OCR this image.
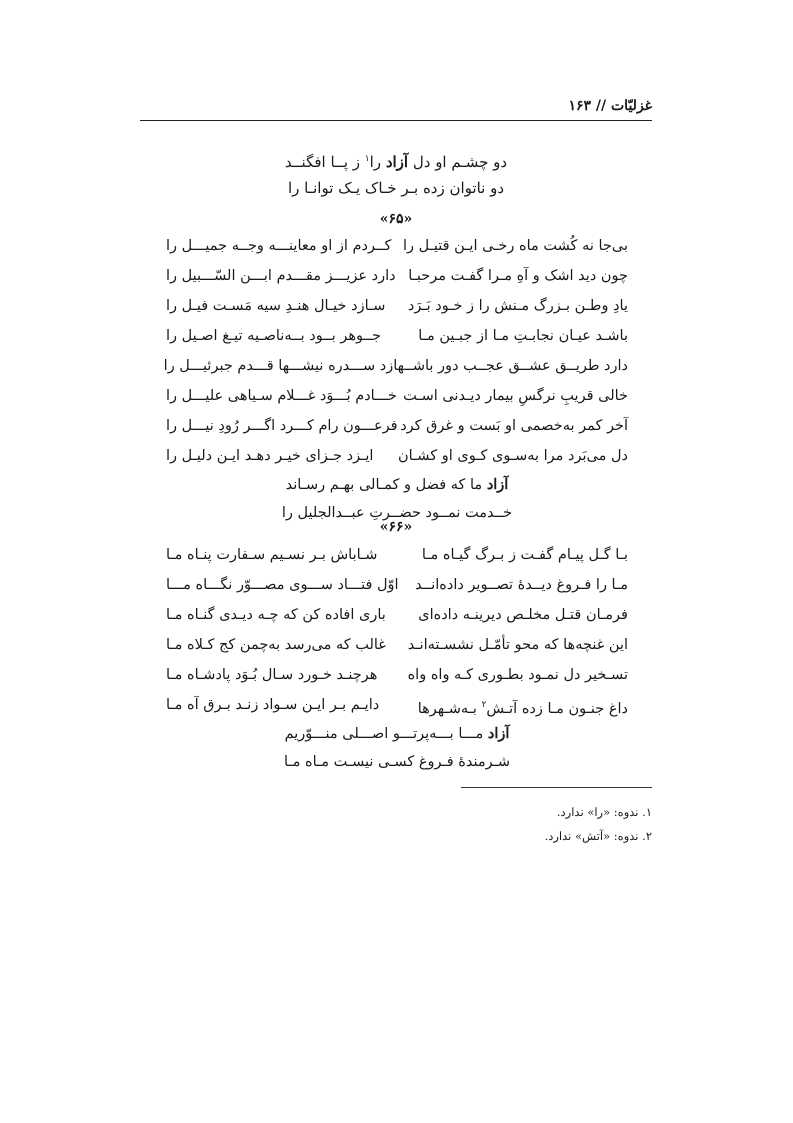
غزلیّات // ۱۶۳
دو چشـم او دل آزاد را$^۱$ ز پــا افگنــد
دو ناتوان زده بـر خـاک یـک توانـا را
«۶۵»
بی‌جا نه کُشت ماه رخـی ایـن قتیـل را
کــردم از او معاینـــه وجــه جمیـــل را
چون دید اشک و آهِ مـرا گفـت مرحبـا
دارد عزیـــز مقـــدم ابـــن السّـــبیل را
یادِ وطـن بـزرگ مـنش را ز خـود بَـرَد
سـازد خیـال هنـدِ سیه مَسـت فیـل را
باشـد عیـان نجابـتِ مـا از جبـین مـا
جــوهر بــود بــه‌ناصـیه تیـغ اصـیل را
دارد طریــق عشــق عجــب دور باشــها
زد ســـدره نیشـــها قـــدم جبرئیـــل را
خالی قریبِ نرگسِ بیمار دیـدنی اسـت
خـــادم بُـــوَد غـــلام سـیاهی علیـــل را
آخر کمر به‌خصمی او بَست و غرق کرد
فرعـــون رام کـــرد اگـــر رُودِ نیـــل را
دل می‌بَرد مرا به‌سـوی کـوی او کشـان
ایـزد جـزای خیـر دهـد ایـن دلیـل را
آزاد ما که فضل و کمـالی بهـم رسـاند
خــدمت نمــود حضــرتِ عبــدالجلیل را
«۶۶»
بـا گـل پیـام گفـت ز بـرگ گیـاه مـا
شـاباش بـر نسـیم سـفارت پنـاه مـا
مـا را فـروغ دیــدۀ تصــویر داده‌انــد
اوّل فتـــاد ســـوی مصـــوّر نگـــاه مـــا
فرمـان قتـل مخلـص دیرینـه داده‌ای
باری افاده کن که چـه دیـدی گنـاه مـا
این غنچه‌ها که محو تأمّـل نشسـته‌انـد
غالب که می‌رسد به‌چمن کج کـلاه مـا
تسـخیر دل نمـود بطـوری کـه واه واه
هرچنـد خـورد سـال بُـوَد پادشـاه مـا
داغ جنـون مـا زده آتـش$^۲$ بـه‌شـهرها
دایـم بـر ایـن سـواد زنـد بـرق آه مـا
آزاد مـــا بـــه‌پرتـــو اصـــلی منـــوّریم
شـرمندۀ فـروغ کسـی نیسـت مـاه مـا
۱. ندوه: «را» ندارد.
۲. ندوه: «آتش» ندارد.
